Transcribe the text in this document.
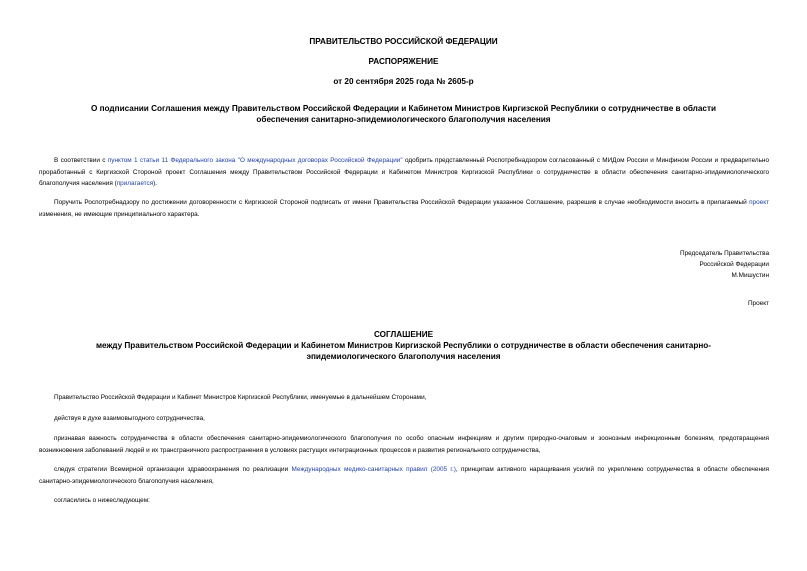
ПРАВИТЕЛЬСТВО РОССИЙСКОЙ ФЕДЕРАЦИИ
РАСПОРЯЖЕНИЕ
от 20 сентября 2025 года № 2605-р
О подписании Соглашения между Правительством Российской Федерации и Кабинетом Министров Киргизской Республики о сотрудничестве в области
обеспечения санитарно-эпидемиологического благополучия населения
В соответствии с пунктом 1 статьи 11 Федерального закона "О международных договорах Российской Федерации" одобрить представленный Роспотребнадзором согласованный с МИДом России и Минфином России и предварительно проработанный с Киргизской Стороной проект Соглашения между Правительством Российской Федерации и Кабинетом Министров Киргизской Республики о сотрудничестве в области обеспечения санитарно-эпидемиологического благополучия населения (прилагается).
Поручить Роспотребнадзору по достижении договоренности с Киргизской Стороной подписать от имени Правительства Российской Федерации указанное Соглашение, разрешив в случае необходимости вносить в прилагаемый проект изменения, не имеющие принципиального характера.
Председатель Правительства
Российской Федерации
М.Мишустин
Проект
СОГЛАШЕНИЕ
между Правительством Российской Федерации и Кабинетом Министров Киргизской Республики о сотрудничестве в области обеспечения санитарно-
эпидемиологического благополучия населения
Правительство Российской Федерации и Кабинет Министров Киргизской Республики, именуемые в дальнейшем Сторонами,
действуя в духе взаимовыгодного сотрудничества,
признавая важность сотрудничества в области обеспечения санитарно-эпидемиологического благополучия по особо опасным инфекциям и другим природно-очаговым и зоонозным инфекционным болезням, предотвращения возникновения заболеваний людей и их трансграничного распространения в условиях растущих интеграционных процессов и развития регионального сотрудничества,
следуя стратегии Всемирной организации здравоохранения по реализации Международных медико-санитарных правил (2005 г.), принципам активного наращивания усилий по укреплению сотрудничества в области обеспечения санитарно-эпидемиологического благополучия населения,
согласились о нижеследующем:
